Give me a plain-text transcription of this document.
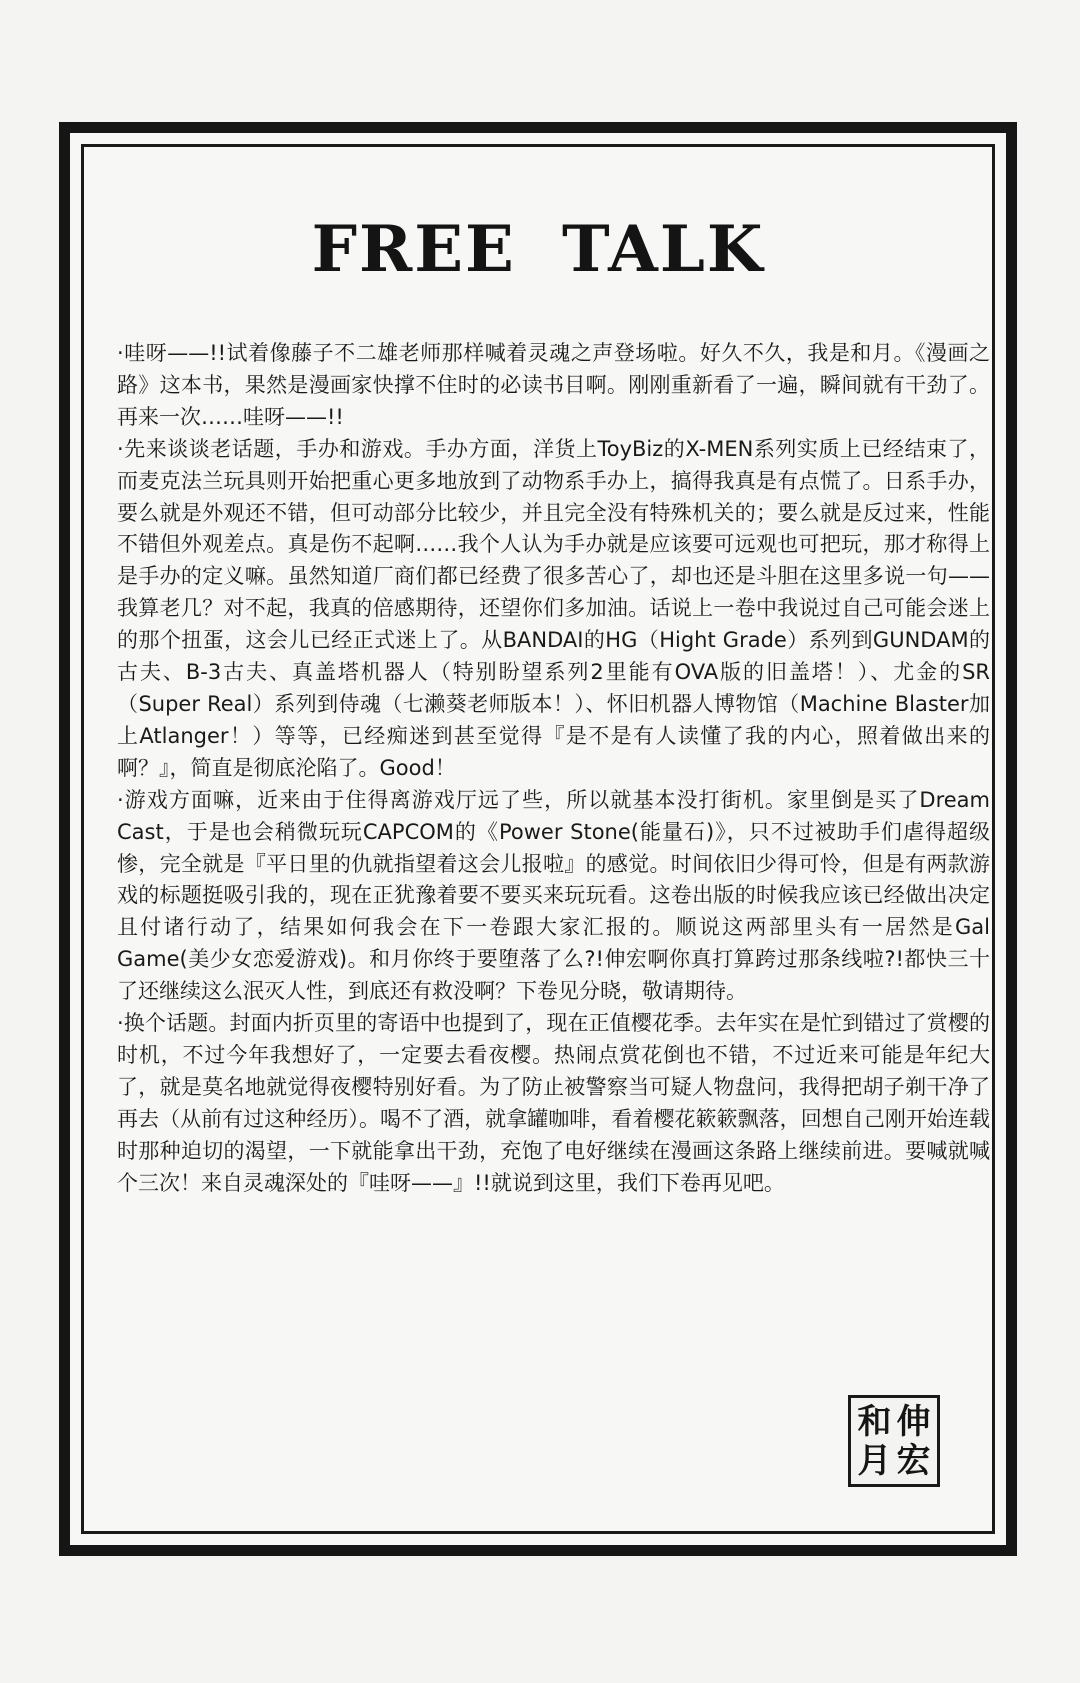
FREE TALK

·哇呀——!!试着像藤子不二雄老师那样喊着灵魂之声登场啦。好久不久，我是和月。《漫画之路》这本书，果然是漫画家快撑不住时的必读书目啊。刚刚重新看了一遍，瞬间就有干劲了。再来一次……哇呀——!!

·先来谈谈老话题，手办和游戏。手办方面，洋货上ToyBiz的X-MEN系列实质上已经结束了，而麦克法兰玩具则开始把重心更多地放到了动物系手办上，搞得我真是有点慌了。日系手办，要么就是外观还不错，但可动部分比较少，并且完全没有特殊机关的；要么就是反过来，性能不错但外观差点。真是伤不起啊……我个人认为手办就是应该要可远观也可把玩，那才称得上是手办的定义嘛。虽然知道厂商们都已经费了很多苦心了，却也还是斗胆在这里多说一句——我算老几？对不起，我真的倍感期待，还望你们多加油。话说上一卷中我说过自己可能会迷上的那个扭蛋，这会儿已经正式迷上了。从BANDAI的HG（Hight Grade）系列到GUNDAM的古夫、B-3古夫、真盖塔机器人（特别盼望系列2里能有OVA版的旧盖塔！）、尤金的SR（Super Real）系列到侍魂（七濑葵老师版本！）、怀旧机器人博物馆（Machine Blaster加上Atlanger！）等等，已经痴迷到甚至觉得『是不是有人读懂了我的内心，照着做出来的啊？』，简直是彻底沦陷了。Good！

·游戏方面嘛，近来由于住得离游戏厅远了些，所以就基本没打街机。家里倒是买了Dream Cast，于是也会稍微玩玩CAPCOM的《Power Stone(能量石)》，只不过被助手们虐得超级惨，完全就是『平日里的仇就指望着这会儿报啦』的感觉。时间依旧少得可怜，但是有两款游戏的标题挺吸引我的，现在正犹豫着要不要买来玩玩看。这卷出版的时候我应该已经做出决定且付诸行动了，结果如何我会在下一卷跟大家汇报的。顺说这两部里头有一居然是Gal Game(美少女恋爱游戏)。和月你终于要堕落了么?!伸宏啊你真打算跨过那条线啦?!都快三十了还继续这么泯灭人性，到底还有救没啊？下卷见分晓，敬请期待。

·换个话题。封面内折页里的寄语中也提到了，现在正值樱花季。去年实在是忙到错过了赏樱的时机，不过今年我想好了，一定要去看夜樱。热闹点赏花倒也不错，不过近来可能是年纪大了，就是莫名地就觉得夜樱特别好看。为了防止被警察当可疑人物盘问，我得把胡子剃干净了再去（从前有过这种经历）。喝不了酒，就拿罐咖啡，看着樱花簌簌飘落，回想自己刚开始连载时那种迫切的渴望，一下就能拿出干劲，充饱了电好继续在漫画这条路上继续前进。要喊就喊个三次！来自灵魂深处的『哇呀——』!!就说到这里，我们下卷再见吧。

和 伸
月 宏
